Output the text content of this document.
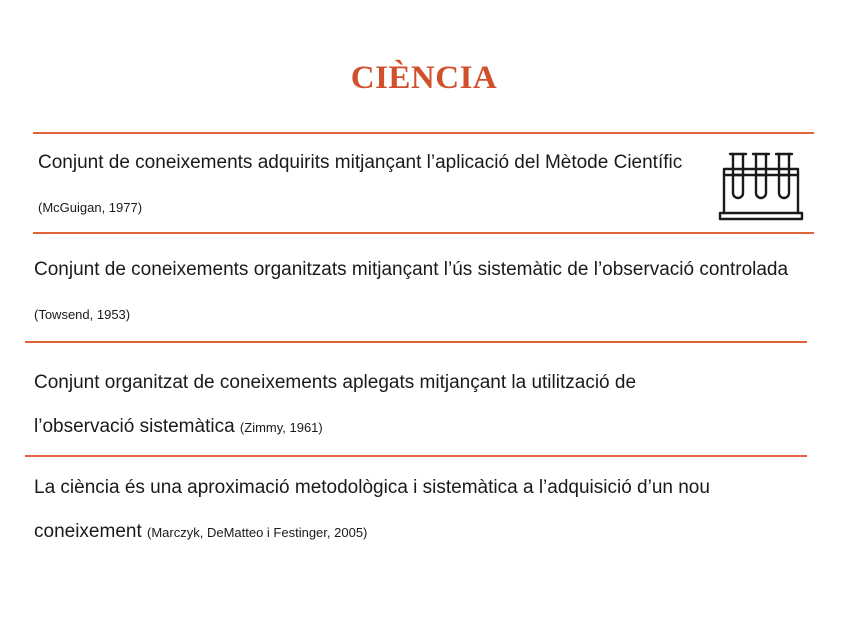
CIÈNCIA
Conjunt de coneixements adquirits mitjançant l’aplicació del Mètode Científic (McGuigan, 1977)
Conjunt de coneixements organitzats mitjançant l’ús sistemàtic de l’observació controlada (Towsend, 1953)
Conjunt organitzat de coneixements aplegats mitjançant la utilització de l’observació sistemàtica (Zimmy, 1961)
La ciència és una aproximació metodològica i sistemàtica a l’adquisició d’un nou coneixement (Marczyk, DeMatteo i Festinger, 2005)
